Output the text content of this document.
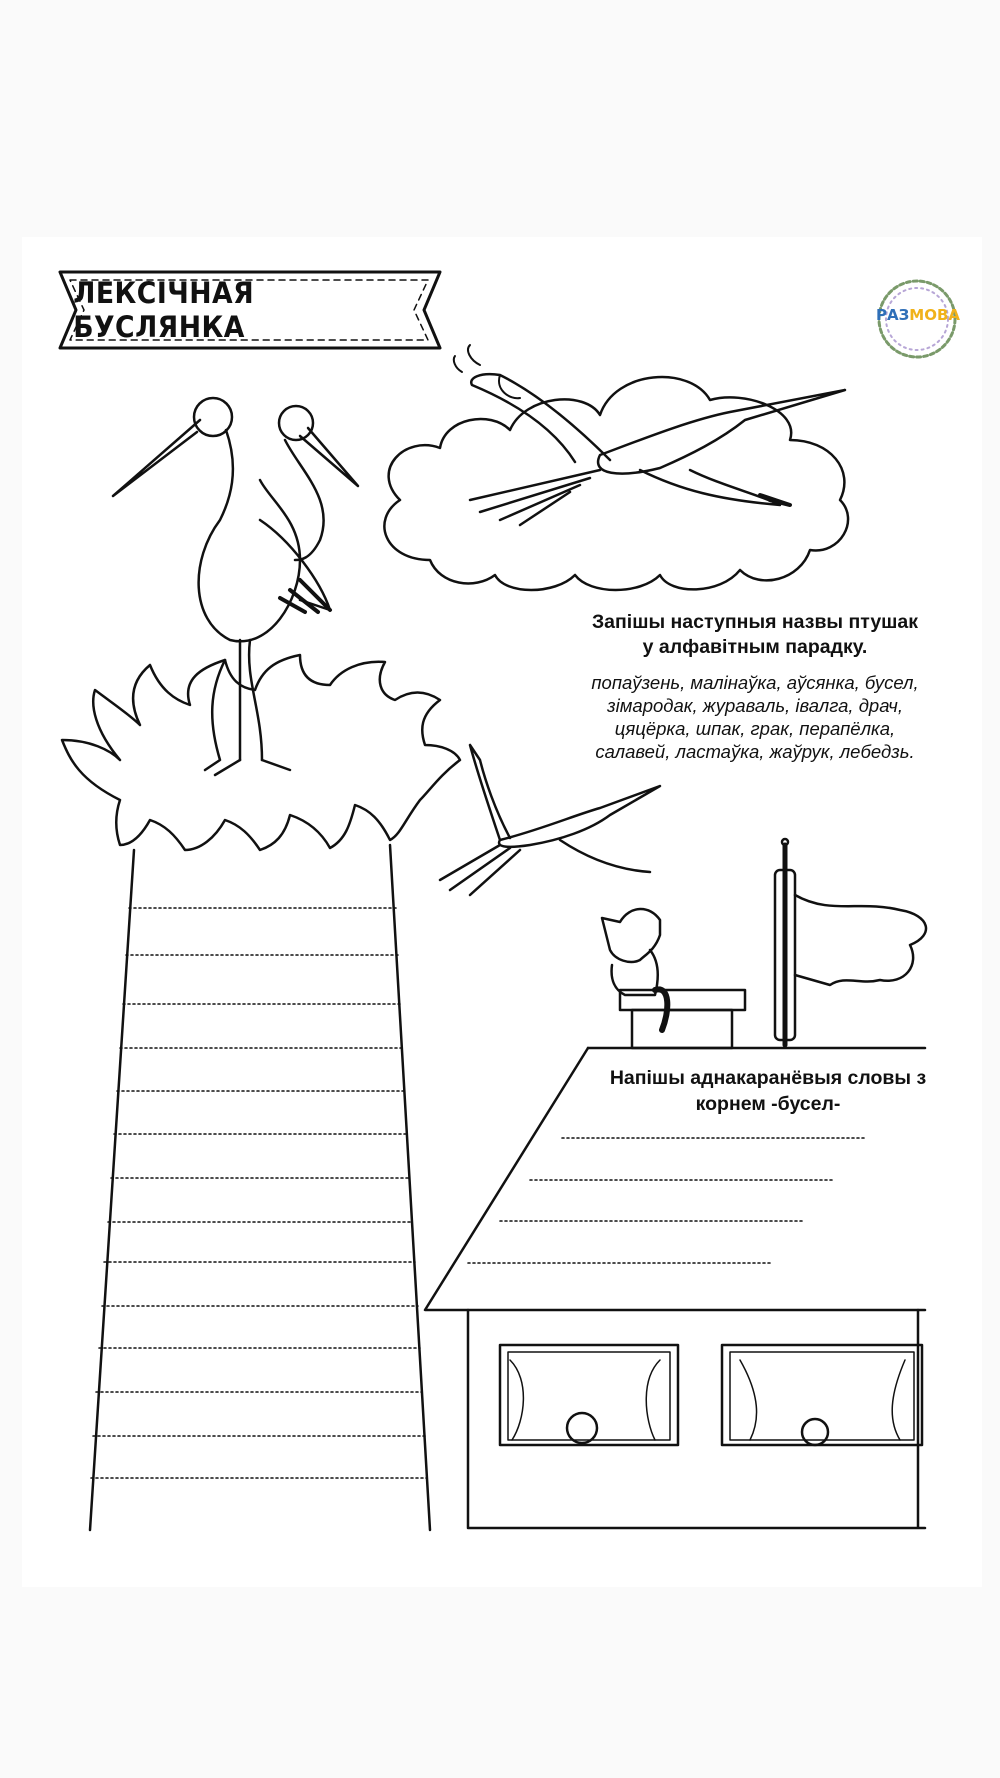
ЛЕКСІЧНАЯ БУСЛЯНКА	РАЗМОВА
Запішы наступныя назвы птушак
у алфавітным парадку.
попаўзень, малінаўка, аўсянка, бусел,
зімародак, жураваль, івалга, драч,
цяцёрка, шпак, грак, перапёлка,
салавей, ластаўка, жаўрук, лебедзь.
Напішы аднакаранёвыя словы з
корнем -бусел-
